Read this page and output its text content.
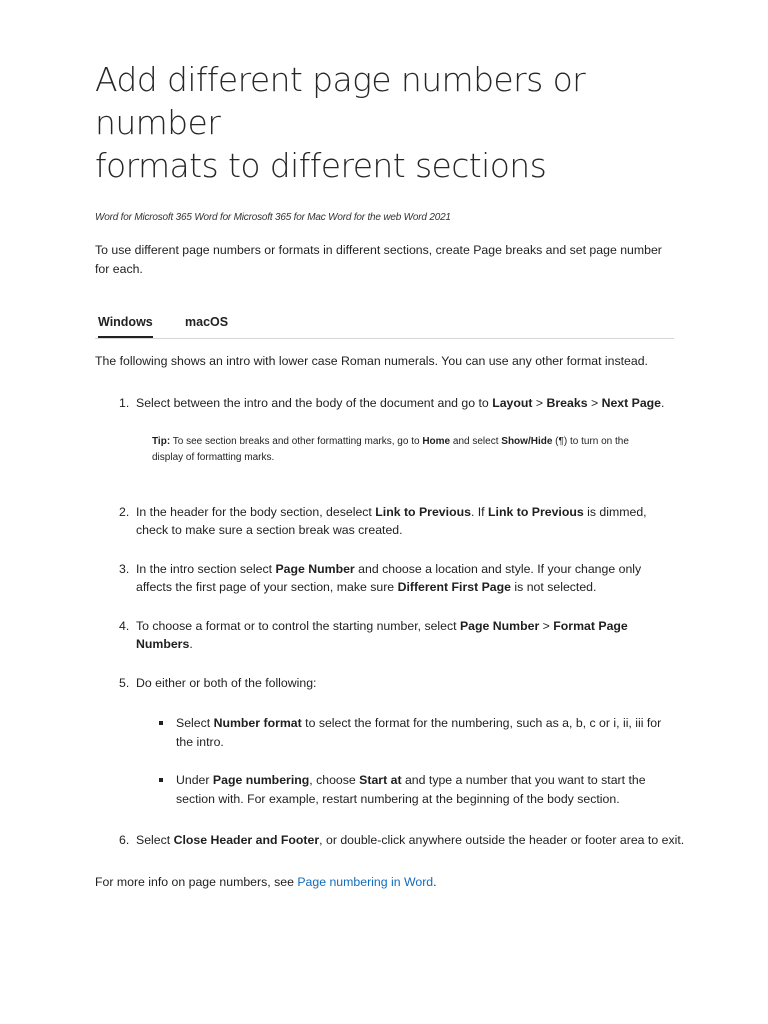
Add different page numbers or number
formats to different sections
Word for Microsoft 365 Word for Microsoft 365 for Mac Word for the web Word 2021
To use different page numbers or formats in different sections, create Page breaks and set page number for each.
Windows	macOS
The following shows an intro with lower case Roman numerals. You can use any other format instead.
1. Select between the intro and the body of the document and go to Layout > Breaks > Next Page.
Tip: To see section breaks and other formatting marks, go to Home and select Show/Hide (¶) to turn on the display of formatting marks.
2. In the header for the body section, deselect Link to Previous. If Link to Previous is dimmed, check to make sure a section break was created.
3. In the intro section select Page Number and choose a location and style. If your change only affects the first page of your section, make sure Different First Page is not selected.
4. To choose a format or to control the starting number, select Page Number > Format Page Numbers.
5. Do either or both of the following:
Select Number format to select the format for the numbering, such as a, b, c or i, ii, iii for the intro.
Under Page numbering, choose Start at and type a number that you want to start the section with. For example, restart numbering at the beginning of the body section.
6. Select Close Header and Footer, or double-click anywhere outside the header or footer area to exit.
For more info on page numbers, see Page numbering in Word.
